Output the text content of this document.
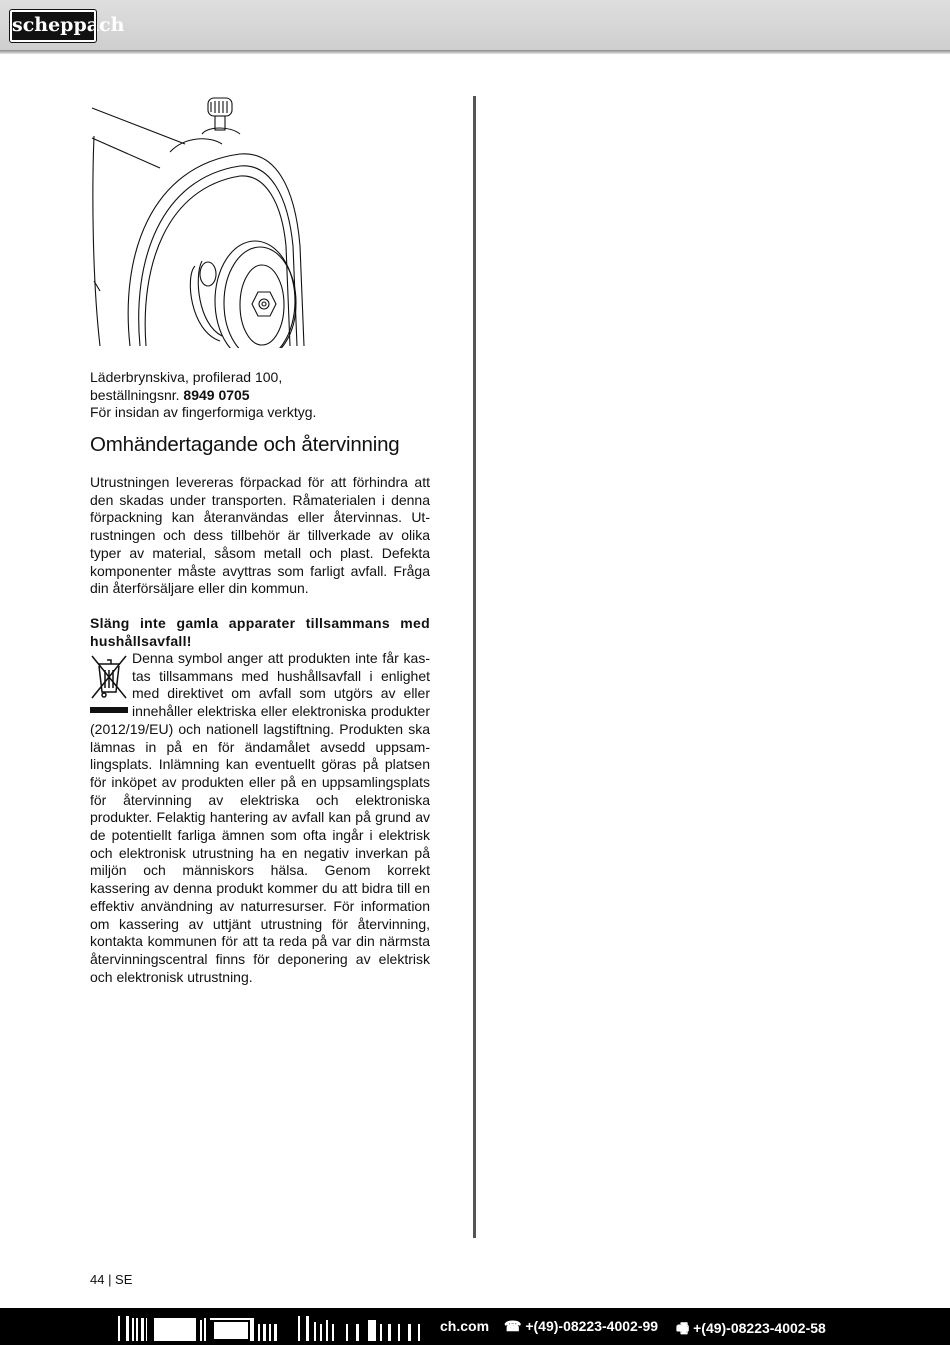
scheppach
Läderbrynskiva, profilerad 100,
beställningsnr. 8949 0705
För insidan av fingerformiga verktyg.
Omhändertagande och återvinning

Utrustningen levereras förpackad för att förhindra att den skadas under transporten. Råmaterialen i denna förpackning kan återanvändas eller återvinnas. Utrustningen och dess tillbehör är tillverkade av olika typer av material, såsom metall och plast. Defekta komponenter måste avyttras som farligt avfall. Fråga din återförsäljare eller din kommun.

Släng inte gamla apparater tillsammans med hushållsavfall!
Denna symbol anger att produkten inte får kastas tillsammans med hushållsavfall i enlighet med direktivet om avfall som utgörs av eller innehåller elektriska eller elektroniska produkter (2012/19/EU) och nationell lagstiftning. Produkten ska lämnas in på en för ändamålet avsedd uppsamlingsplats. Inlämning kan eventuellt göras på platsen för inköpet av produkten eller på en uppsamlingsplats för återvinning av elektriska och elektroniska produkter. Felaktig hantering av avfall kan på grund av de potentiellt farliga ämnen som ofta ingår i elektrisk och elektronisk utrustning ha en negativ inverkan på miljön och människors hälsa. Genom korrekt kassering av denna produkt kommer du att bidra till en effektiv användning av naturresurser. För information om kassering av uttjänt utrustning för återvinning, kontakta kommunen för att ta reda på var din närmsta återvinningscentral finns för deponering av elektrisk och elektronisk utrustning.
44 | SE
ch.com ☎ +(49)-08223-4002-99 🖷 +(49)-08223-4002-58
